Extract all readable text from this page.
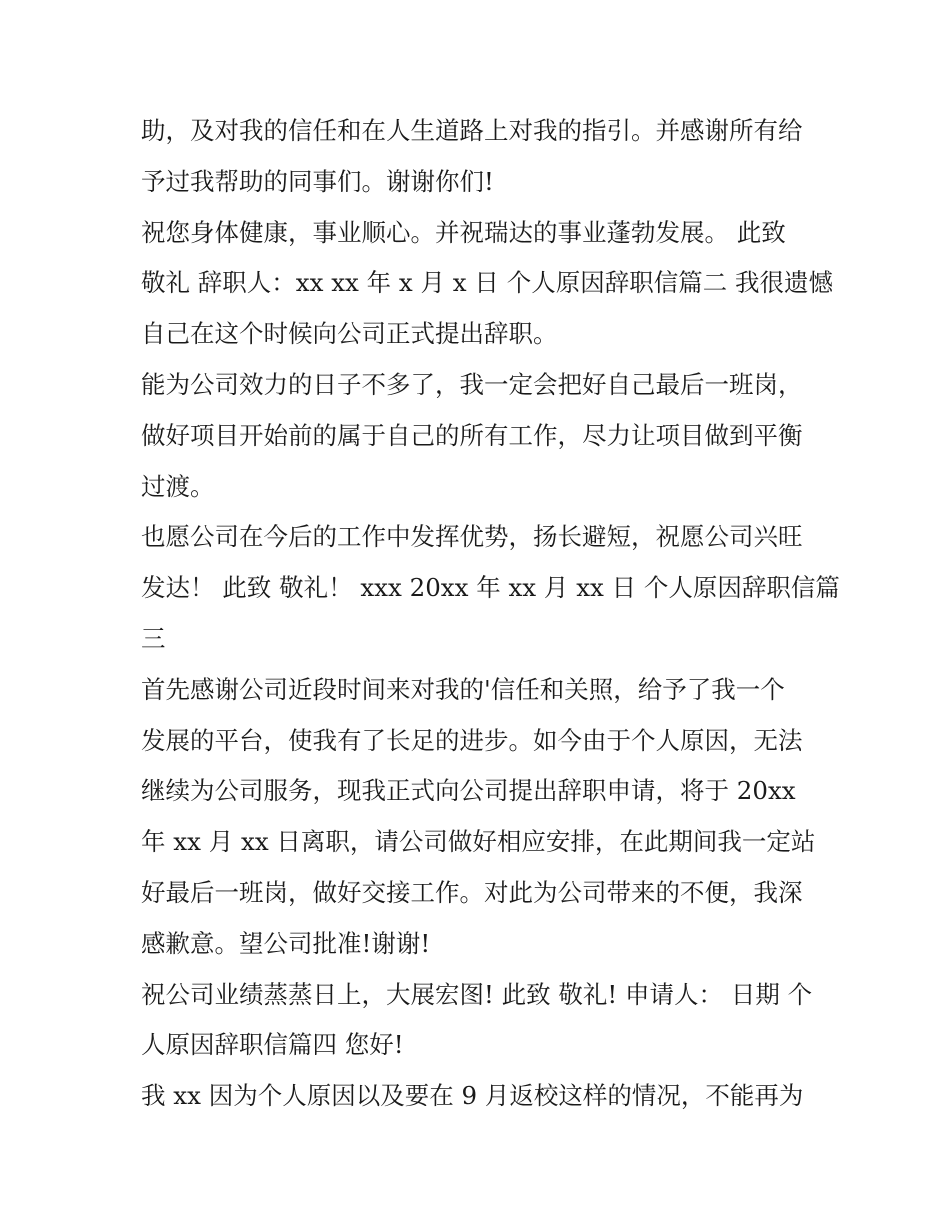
助，及对我的信任和在人生道路上对我的指引。并感谢所有给
予过我帮助的同事们。谢谢你们!
祝您身体健康，事业顺心。并祝瑞达的事业蓬勃发展。 此致
敬礼 辞职人：xx xx 年 x 月 x 日 个人原因辞职信篇二 我很遗憾
自己在这个时候向公司正式提出辞职。
能为公司效力的日子不多了，我一定会把好自己最后一班岗，
做好项目开始前的属于自己的所有工作，尽力让项目做到平衡
过渡。
也愿公司在今后的工作中发挥优势，扬长避短，祝愿公司兴旺
发达！ 此致 敬礼！ xxx 20xx 年 xx 月 xx 日 个人原因辞职信篇
三
首先感谢公司近段时间来对我的'信任和关照，给予了我一个
发展的平台，使我有了长足的进步。如今由于个人原因，无法
继续为公司服务，现我正式向公司提出辞职申请，将于 20xx
年 xx 月 xx 日离职，请公司做好相应安排，在此期间我一定站
好最后一班岗，做好交接工作。对此为公司带来的不便，我深
感歉意。望公司批准!谢谢!
祝公司业绩蒸蒸日上，大展宏图! 此致 敬礼! 申请人： 日期 个
人原因辞职信篇四 您好!
我 xx 因为个人原因以及要在 9 月返校这样的情况，不能再为
